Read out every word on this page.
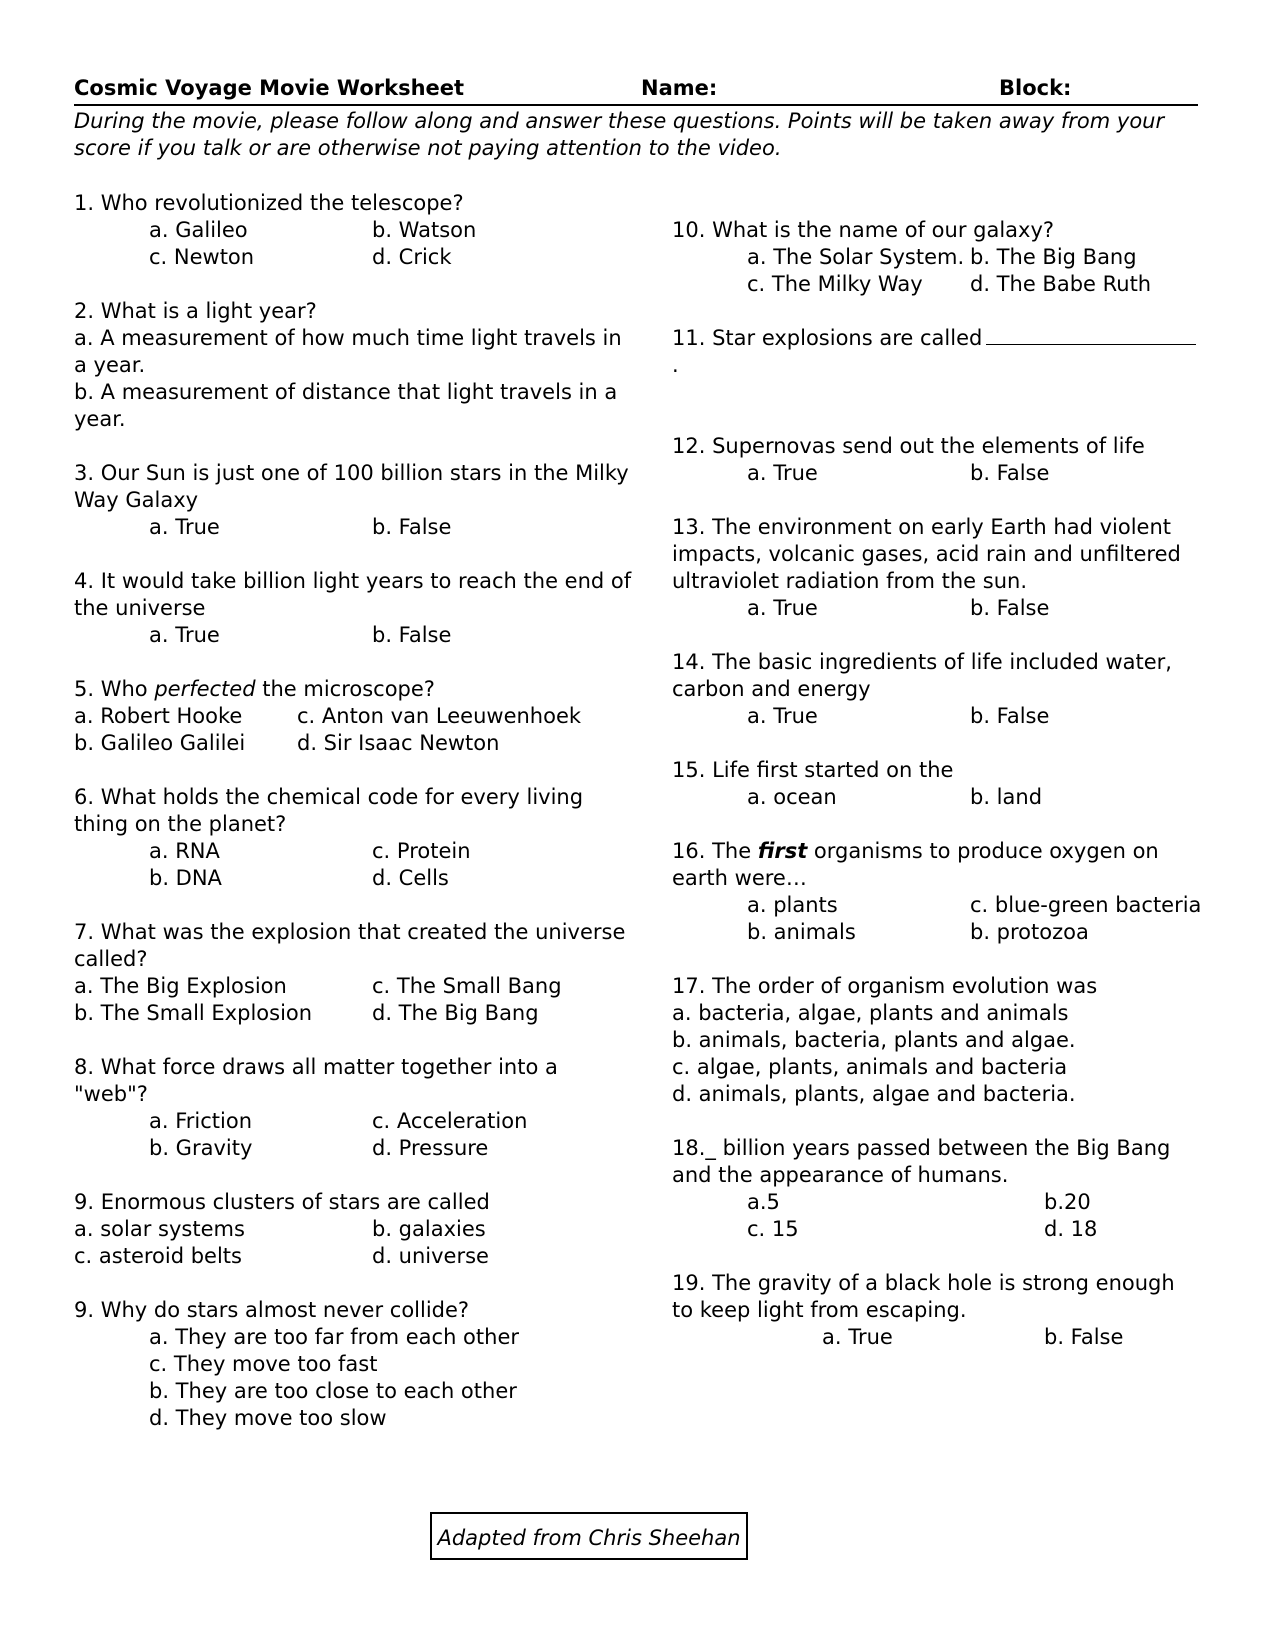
Cosmic Voyage Movie Worksheet	Name:	Block:
During the movie, please follow along and answer these questions. Points will be taken away from your score if you talk or are otherwise not paying attention to the video.
1. Who revolutionized the telescope?
a. Galileo	b. Watson
c. Newton	d. Crick
2. What is a light year?
a. A measurement of how much time light travels in a year.
b. A measurement of distance that light travels in a year.
3. Our Sun is just one of 100 billion stars in the Milky Way Galaxy
a. True	b. False
4. It would take billion light years to reach the end of the universe
a. True	b. False
5. Who perfected the microscope?
a. Robert Hooke	c. Anton van Leeuwenhoek
b. Galileo Galilei d. Sir Isaac Newton
6. What holds the chemical code for every living thing on the planet?
a. RNA	c. Protein
b. DNA	d. Cells
7. What was the explosion that created the universe called?
a. The Big Explosion	c. The Small Bang
b. The Small Explosion	d. The Big Bang
8. What force draws all matter together into a "web"?
a. Friction	c. Acceleration
b. Gravity	d. Pressure
9. Enormous clusters of stars are called
a. solar systems	b. galaxies
c. asteroid belts	d. universe
9. Why do stars almost never collide?
a. They are too far from each other
c. They move too fast
b. They are too close to each other
d. They move too slow
10. What is the name of our galaxy?
a. The Solar System. b. The Big Bang
c. The Milky Way d. The Babe Ruth
11. Star explosions are called.
12. Supernovas send out the elements of life
a. True	b. False
13. The environment on early Earth had violent impacts, volcanic gases, acid rain and unfiltered ultraviolet radiation from the sun.
a. True	b. False
14. The basic ingredients of life included water, carbon and energy
a. True	b. False
15. Life first started on the
a. ocean	b. land
16. The first organisms to produce oxygen on earth were…
a. plants	c. blue-green bacteria
b. animals	b. protozoa
17. The order of organism evolution was
a. bacteria, algae, plants and animals
b. animals, bacteria, plants and algae.
c. algae, plants, animals and bacteria
d. animals, plants, algae and bacteria.
18._ billion years passed between the Big Bang and the appearance of humans.
a.5	b.20
c. 15	d. 18
19. The gravity of a black hole is strong enough to keep light from escaping.
a. True	b. False
Adapted from Chris Sheehan
